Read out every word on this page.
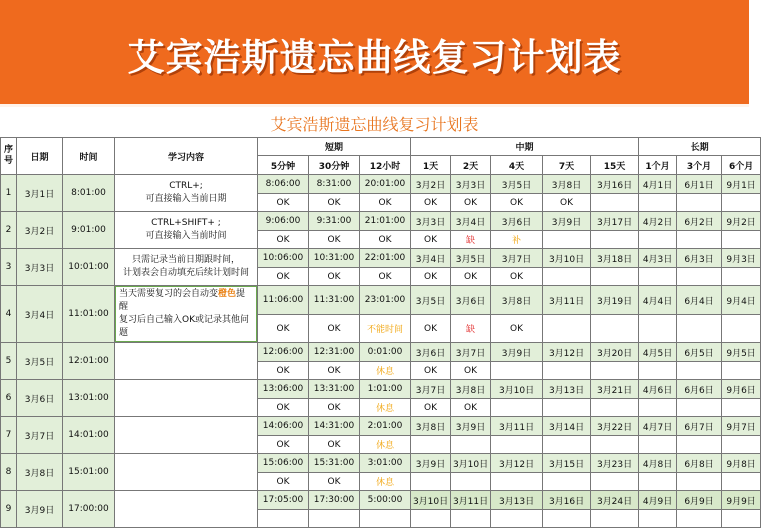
艾宾浩斯遗忘曲线复习计划表
艾宾浩斯遗忘曲线复习计划表
序号	日期	时间	学习内容	短期			中期					长期		
				5分钟	30分钟	12小时	1天	2天	4天	7天	15天	1个月	3个月	6个月
1	3月1日	8:01:00	CTRL+;
可直接输入当前日期	8:06:00	8:31:00	20:01:00	3月2日	3月3日	3月5日	3月8日	3月16日	4月1日	6月1日	9月1日
				OK	OK	OK	OK	OK	OK	OK				
2	3月2日	9:01:00	CTRL+SHIFT+ ;
可直接输入当前时间	9:06:00	9:31:00	21:01:00	3月3日	3月4日	3月6日	3月9日	3月17日	4月2日	6月2日	9月2日
				OK	OK	OK	OK	缺	补					
3	3月3日	10:01:00	只需记录当前日期跟时间，
计划表会自动填充后续计划时间	10:06:00	10:31:00	22:01:00	3月4日	3月5日	3月7日	3月10日	3月18日	4月3日	6月3日	9月3日
				OK	OK	OK	OK	OK	OK					
4	3月4日	11:01:00	当天需要复习的会自动变橙色提醒
复习后自己输入OK或记录其他问题	11:06:00	11:31:00	23:01:00	3月5日	3月6日	3月8日	3月11日	3月19日	4月4日	6月4日	9月4日
				OK	OK	不能时间	OK	缺	OK					
5	3月5日	12:01:00		12:06:00	12:31:00	0:01:00	3月6日	3月7日	3月9日	3月12日	3月20日	4月5日	6月5日	9月5日
				OK	OK	休息	OK	OK						
6	3月6日	13:01:00		13:06:00	13:31:00	1:01:00	3月7日	3月8日	3月10日	3月13日	3月21日	4月6日	6月6日	9月6日
				OK	OK	休息	OK	OK						
7	3月7日	14:01:00		14:06:00	14:31:00	2:01:00	3月8日	3月9日	3月11日	3月14日	3月22日	4月7日	6月7日	9月7日
				OK	OK	休息								
8	3月8日	15:01:00		15:06:00	15:31:00	3:01:00	3月9日	3月10日	3月12日	3月15日	3月23日	4月8日	6月8日	9月8日
				OK	OK	休息								
9	3月9日	17:00:00		17:05:00	17:30:00	5:00:00	3月10日	3月11日	3月13日	3月16日	3月24日	4月9日	6月9日	9月9日
